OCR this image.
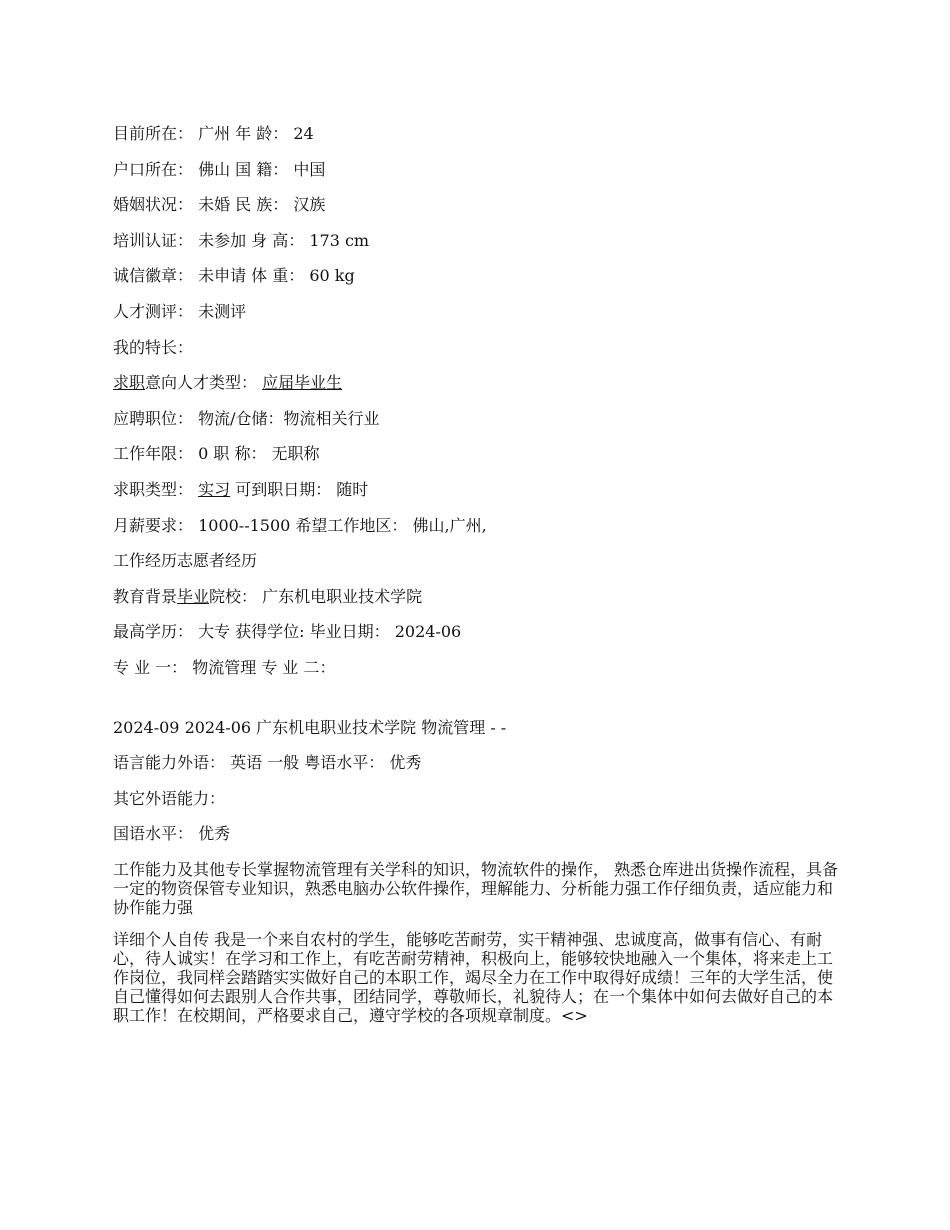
目前所在： 广州 年 龄： 24
户口所在： 佛山 国 籍： 中国
婚姻状况： 未婚 民 族： 汉族
培训认证： 未参加 身 高： 173 cm
诚信徽章： 未申请 体 重： 60 kg
人才测评： 未测评
我的特长：
求职意向人才类型： 应届毕业生
应聘职位： 物流/仓储：物流相关行业
工作年限： 0 职 称： 无职称
求职类型： 实习 可到职日期： 随时
月薪要求： 1000--1500 希望工作地区： 佛山,广州,
工作经历志愿者经历
教育背景毕业院校： 广东机电职业技术学院
最高学历： 大专 获得学位: 毕业日期： 2024-06
专 业 一： 物流管理 专 业 二：
2024-09 2024-06 广东机电职业技术学院 物流管理 - -
语言能力外语： 英语 一般 粤语水平： 优秀
其它外语能力：
国语水平： 优秀
工作能力及其他专长掌握物流管理有关学科的知识，物流软件的操作， 熟悉仓库进出货操作流程，具备一定的物资保管专业知识，熟悉电脑办公软件操作，理解能力、分析能力强工作仔细负责，适应能力和协作能力强
详细个人自传 我是一个来自农村的学生，能够吃苦耐劳，实干精神强、忠诚度高，做事有信心、有耐心，待人诚实！在学习和工作上，有吃苦耐劳精神，积极向上，能够较快地融入一个集体，将来走上工作岗位，我同样会踏踏实实做好自己的本职工作，竭尽全力在工作中取得好成绩！三年的大学生活，使自己懂得如何去跟别人合作共事，团结同学，尊敬师长，礼貌待人；在一个集体中如何去做好自己的本职工作！在校期间，严格要求自己，遵守学校的各项规章制度。<>
